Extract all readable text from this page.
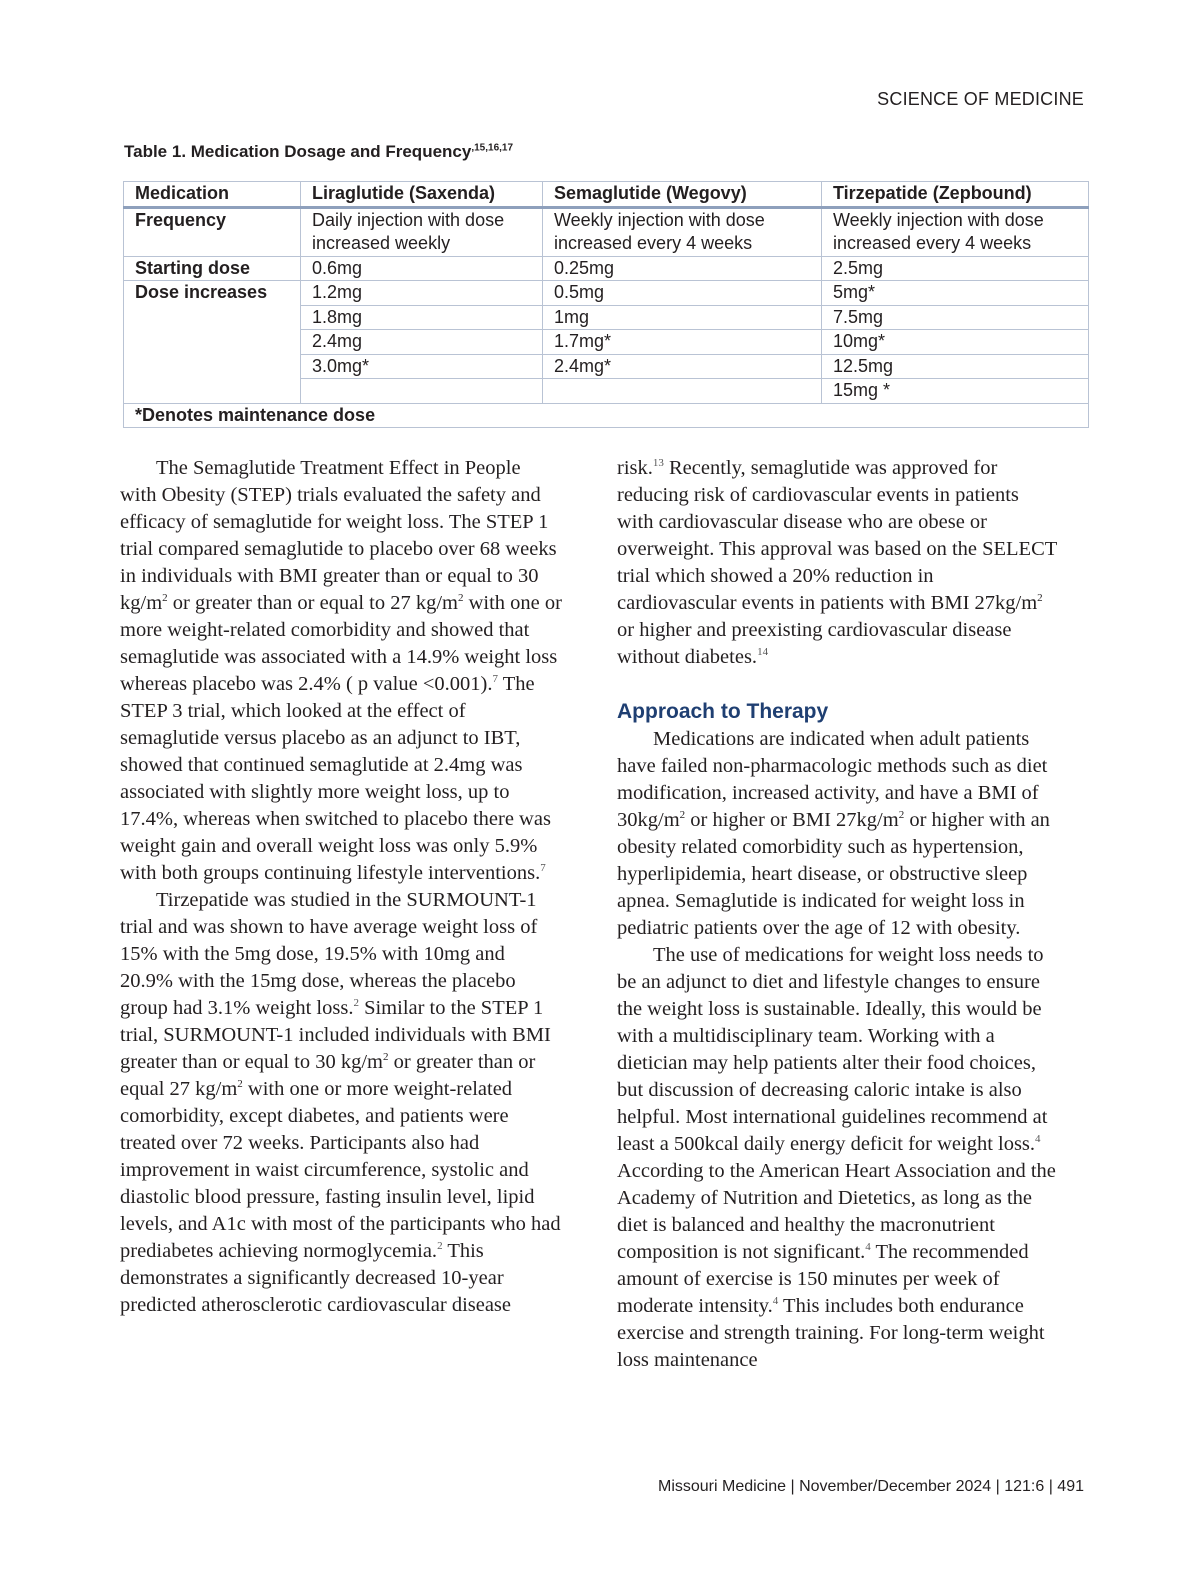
SCIENCE OF MEDICINE
Table 1. Medication Dosage and Frequency$^{,15,16,17}$
Medication	Liraglutide (Saxenda)	Semaglutide (Wegovy)	Tirzepatide (Zepbound)
Frequency	Daily injection with dose increased weekly	Weekly injection with dose increased every 4 weeks	Weekly injection with dose increased every 4 weeks
Starting dose	0.6mg	0.25mg	2.5mg
Dose increases	1.2mg	0.5mg	5mg*
	1.8mg	1mg	7.5mg
	2.4mg	1.7mg*	10mg*
	3.0mg*	2.4mg*	12.5mg
			15mg *
*Denotes maintenance dose			

The Semaglutide Treatment Effect in People with Obesity (STEP) trials evaluated the safety and efficacy of semaglutide for weight loss. The STEP 1 trial compared semaglutide to placebo over 68 weeks in individuals with BMI greater than or equal to 30 $kg/m^2$ or greater than or equal to 27 $kg/m^2$ with one or more weight-related comorbidity and showed that semaglutide was associated with a 14.9% weight loss whereas placebo was 2.4% ( p value <0.001).$^7$ The STEP 3 trial, which looked at the effect of semaglutide versus placebo as an adjunct to IBT, showed that continued semaglutide at 2.4mg was associated with slightly more weight loss, up to 17.4%, whereas when switched to placebo there was weight gain and overall weight loss was only 5.9% with both groups continuing lifestyle interventions.$^7$

Tirzepatide was studied in the SURMOUNT-1 trial and was shown to have average weight loss of 15% with the 5mg dose, 19.5% with 10mg and 20.9% with the 15mg dose, whereas the placebo group had 3.1% weight loss.$^2$ Similar to the STEP 1 trial, SURMOUNT-1 included individuals with BMI greater than or equal to 30 $kg/m^2$ or greater than or equal 27 $kg/m^2$ with one or more weight-related comorbidity, except diabetes, and patients were treated over 72 weeks. Participants also had improvement in waist circumference, systolic and diastolic blood pressure, fasting insulin level, lipid levels, and A1c with most of the participants who had prediabetes achieving normoglycemia.$^2$ This demonstrates a significantly decreased 10-year predicted atherosclerotic cardiovascular disease

risk.$^{13}$ Recently, semaglutide was approved for reducing risk of cardiovascular events in patients with cardiovascular disease who are obese or overweight. This approval was based on the SELECT trial which showed a 20% reduction in cardiovascular events in patients with BMI $27kg/m^2$ or higher and preexisting cardiovascular disease without diabetes.$^{14}$

Approach to Therapy

Medications are indicated when adult patients have failed non-pharmacologic methods such as diet modification, increased activity, and have a BMI of $30kg/m^2$ or higher or BMI $27kg/m^2$ or higher with an obesity related comorbidity such as hypertension, hyperlipidemia, heart disease, or obstructive sleep apnea. Semaglutide is indicated for weight loss in pediatric patients over the age of 12 with obesity.

The use of medications for weight loss needs to be an adjunct to diet and lifestyle changes to ensure the weight loss is sustainable. Ideally, this would be with a multidisciplinary team. Working with a dietician may help patients alter their food choices, but discussion of decreasing caloric intake is also helpful. Most international guidelines recommend at least a 500kcal daily energy deficit for weight loss.$^4$ According to the American Heart Association and the Academy of Nutrition and Dietetics, as long as the diet is balanced and healthy the macronutrient composition is not significant.$^4$ The recommended amount of exercise is 150 minutes per week of moderate intensity.$^4$ This includes both endurance exercise and strength training. For long-term weight loss maintenance

Missouri Medicine | November/December 2024 | 121:6 | 491
